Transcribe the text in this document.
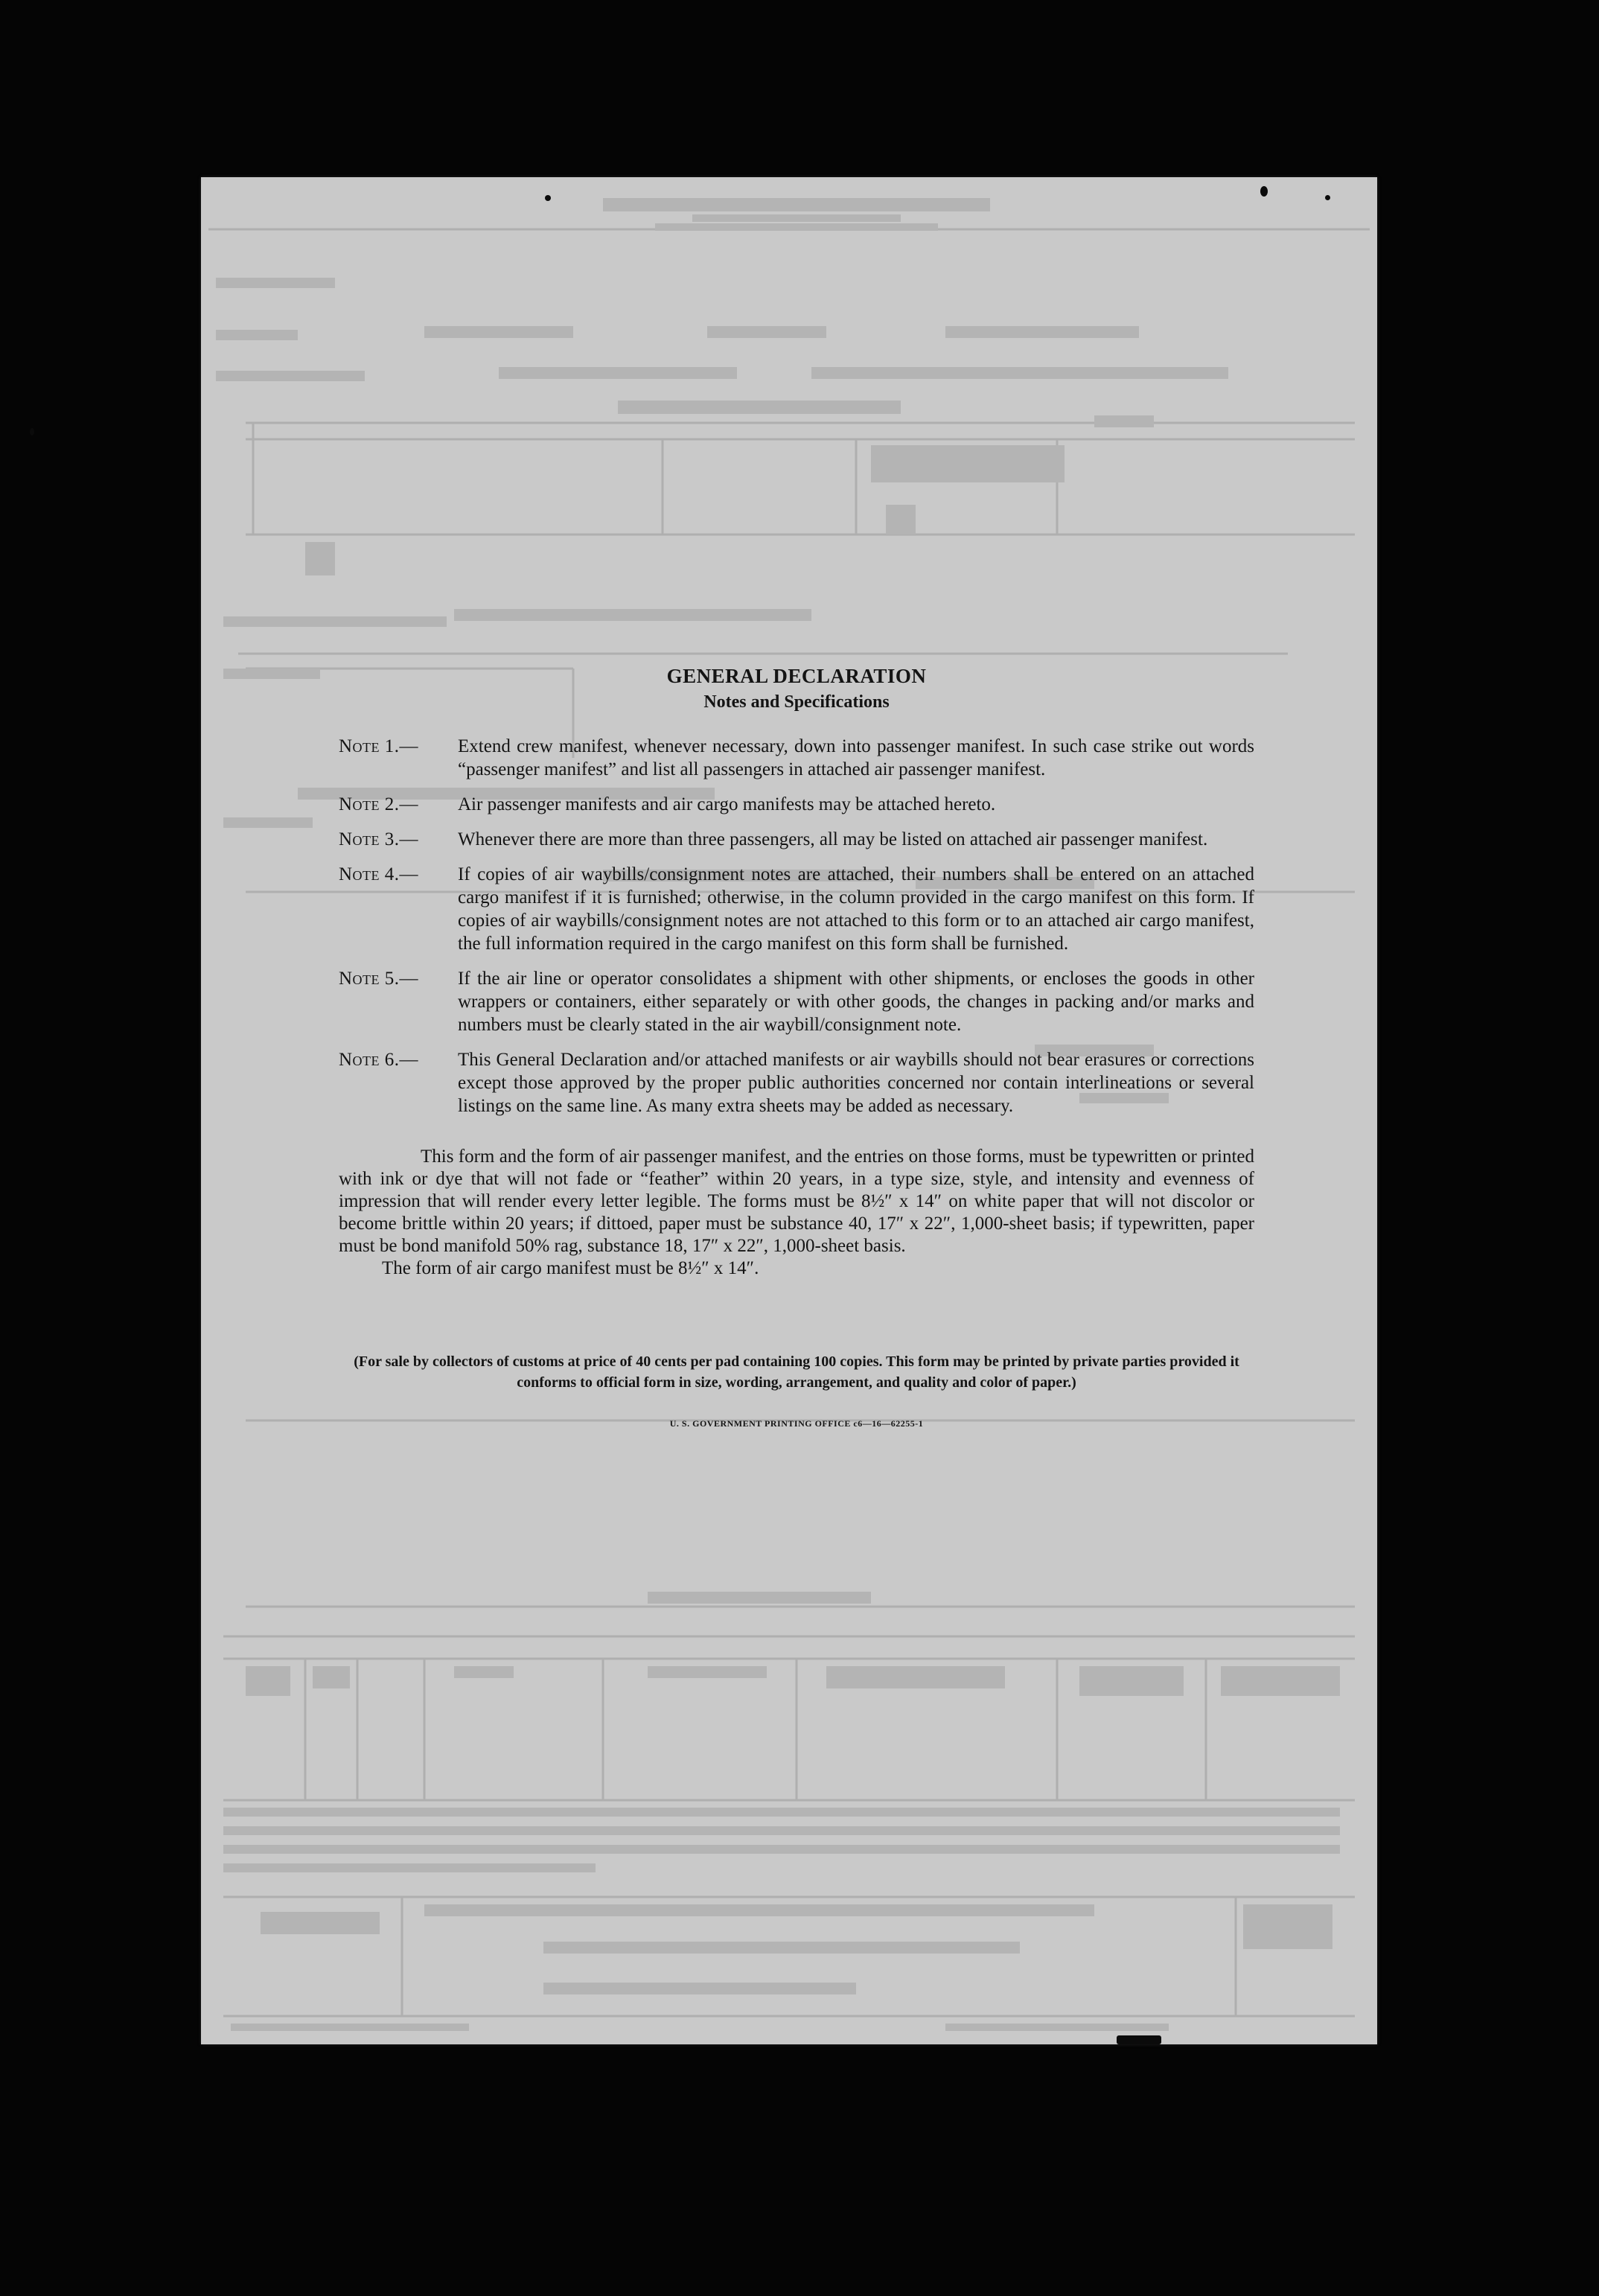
GENERAL DECLARATION
Notes and Specifications
Note 1.—	Extend crew manifest, whenever necessary, down into passenger manifest. In such case strike out words “passenger manifest” and list all passengers in attached air passenger manifest.
Note 2.—	Air passenger manifests and air cargo manifests may be attached hereto.
Note 3.—	Whenever there are more than three passengers, all may be listed on attached air passenger manifest.
Note 4.—	If copies of air waybills/consignment notes are attached, their numbers shall be entered on an attached cargo manifest if it is furnished; otherwise, in the column provided in the cargo manifest on this form. If copies of air waybills/consignment notes are not attached to this form or to an attached air cargo manifest, the full information required in the cargo manifest on this form shall be furnished.
Note 5.—	If the air line or operator consolidates a shipment with other shipments, or encloses the goods in other wrappers or containers, either separately or with other goods, the changes in packing and/or marks and numbers must be clearly stated in the air waybill/consignment note.
Note 6.—	This General Declaration and/or attached manifests or air waybills should not bear erasures or corrections except those approved by the proper public authorities concerned nor contain interlineations or several listings on the same line. As many extra sheets may be added as necessary.

This form and the form of air passenger manifest, and the entries on those forms, must be typewritten or printed with ink or dye that will not fade or “feather” within 20 years, in a type size, style, and intensity and evenness of impression that will render every letter legible. The forms must be 8½″ x 14″ on white paper that will not discolor or become brittle within 20 years; if dittoed, paper must be substance 40, 17″ x 22″, 1,000-sheet basis; if typewritten, paper must be bond manifold 50% rag, substance 18, 17″ x 22″, 1,000-sheet basis.

The form of air cargo manifest must be 8½″ x 14″.

(For sale by collectors of customs at price of 40 cents per pad containing 100 copies. This form may be printed by private parties provided it conforms to official form in size, wording, arrangement, and quality and color of paper.)

U. S. GOVERNMENT PRINTING OFFICE c6—16—62255-1
